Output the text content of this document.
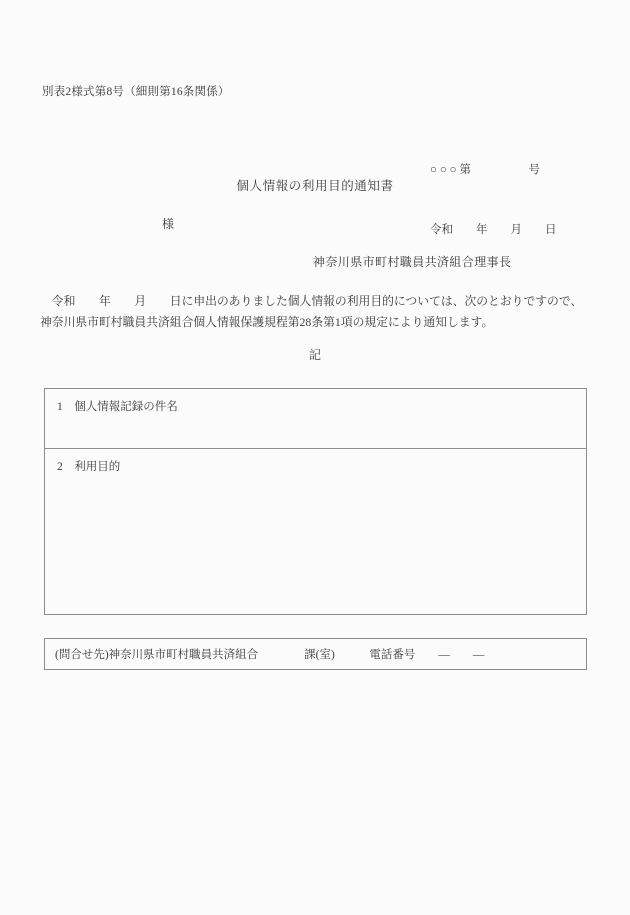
別表2様式第8号（細則第16条関係）

○ ○ ○ 第　　　　　号

令和　　年　　月　　日

個人情報の利用目的通知書
様
神奈川県市町村職員共済組合理事長
　令和　　年　　月　　日に申出のありました個人情報の利用目的については、次のとおりですので、
神奈川県市町村職員共済組合個人情報保護規程第28条第1項の規定により通知します。
記
1　個人情報記録の件名
2　利用目的
(問合せ先)神奈川県市町村職員共済組合　　　　課(室)　　　電話番号　　―　　―
